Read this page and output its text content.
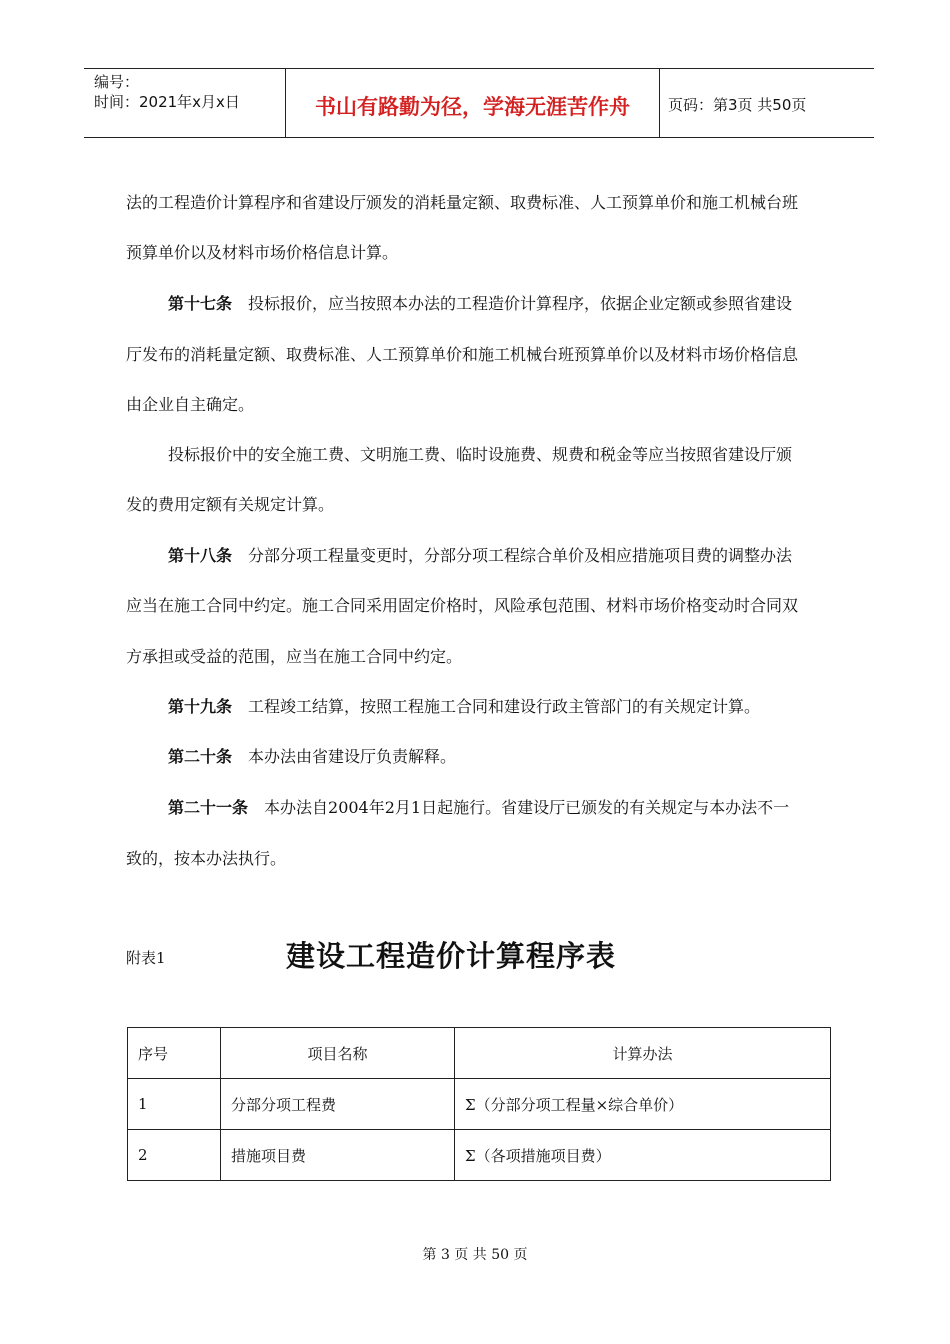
编号：
时间：2021年x月x日	书山有路勤为径，学海无涯苦作舟	页码：第3页 共50页
法的工程造价计算程序和省建设厅颁发的消耗量定额、取费标准、人工预算单价和施工机械台班
预算单价以及材料市场价格信息计算。
第十七条 投标报价，应当按照本办法的工程造价计算程序，依据企业定额或参照省建设
厅发布的消耗量定额、取费标准、人工预算单价和施工机械台班预算单价以及材料市场价格信息
由企业自主确定。
投标报价中的安全施工费、文明施工费、临时设施费、规费和税金等应当按照省建设厅颁
发的费用定额有关规定计算。
第十八条 分部分项工程量变更时，分部分项工程综合单价及相应措施项目费的调整办法
应当在施工合同中约定。施工合同采用固定价格时，风险承包范围、材料市场价格变动时合同双
方承担或受益的范围，应当在施工合同中约定。
第十九条 工程竣工结算，按照工程施工合同和建设行政主管部门的有关规定计算。
第二十条 本办法由省建设厅负责解释。
第二十一条 本办法自2004年2月1日起施行。省建设厅已颁发的有关规定与本办法不一
致的，按本办法执行。
附表1	建设工程造价计算程序表
序号	项目名称	计算办法
1	分部分项工程费	Σ（分部分项工程量×综合单价）
2	措施项目费	Σ（各项措施项目费）
第 3 页 共 50 页
